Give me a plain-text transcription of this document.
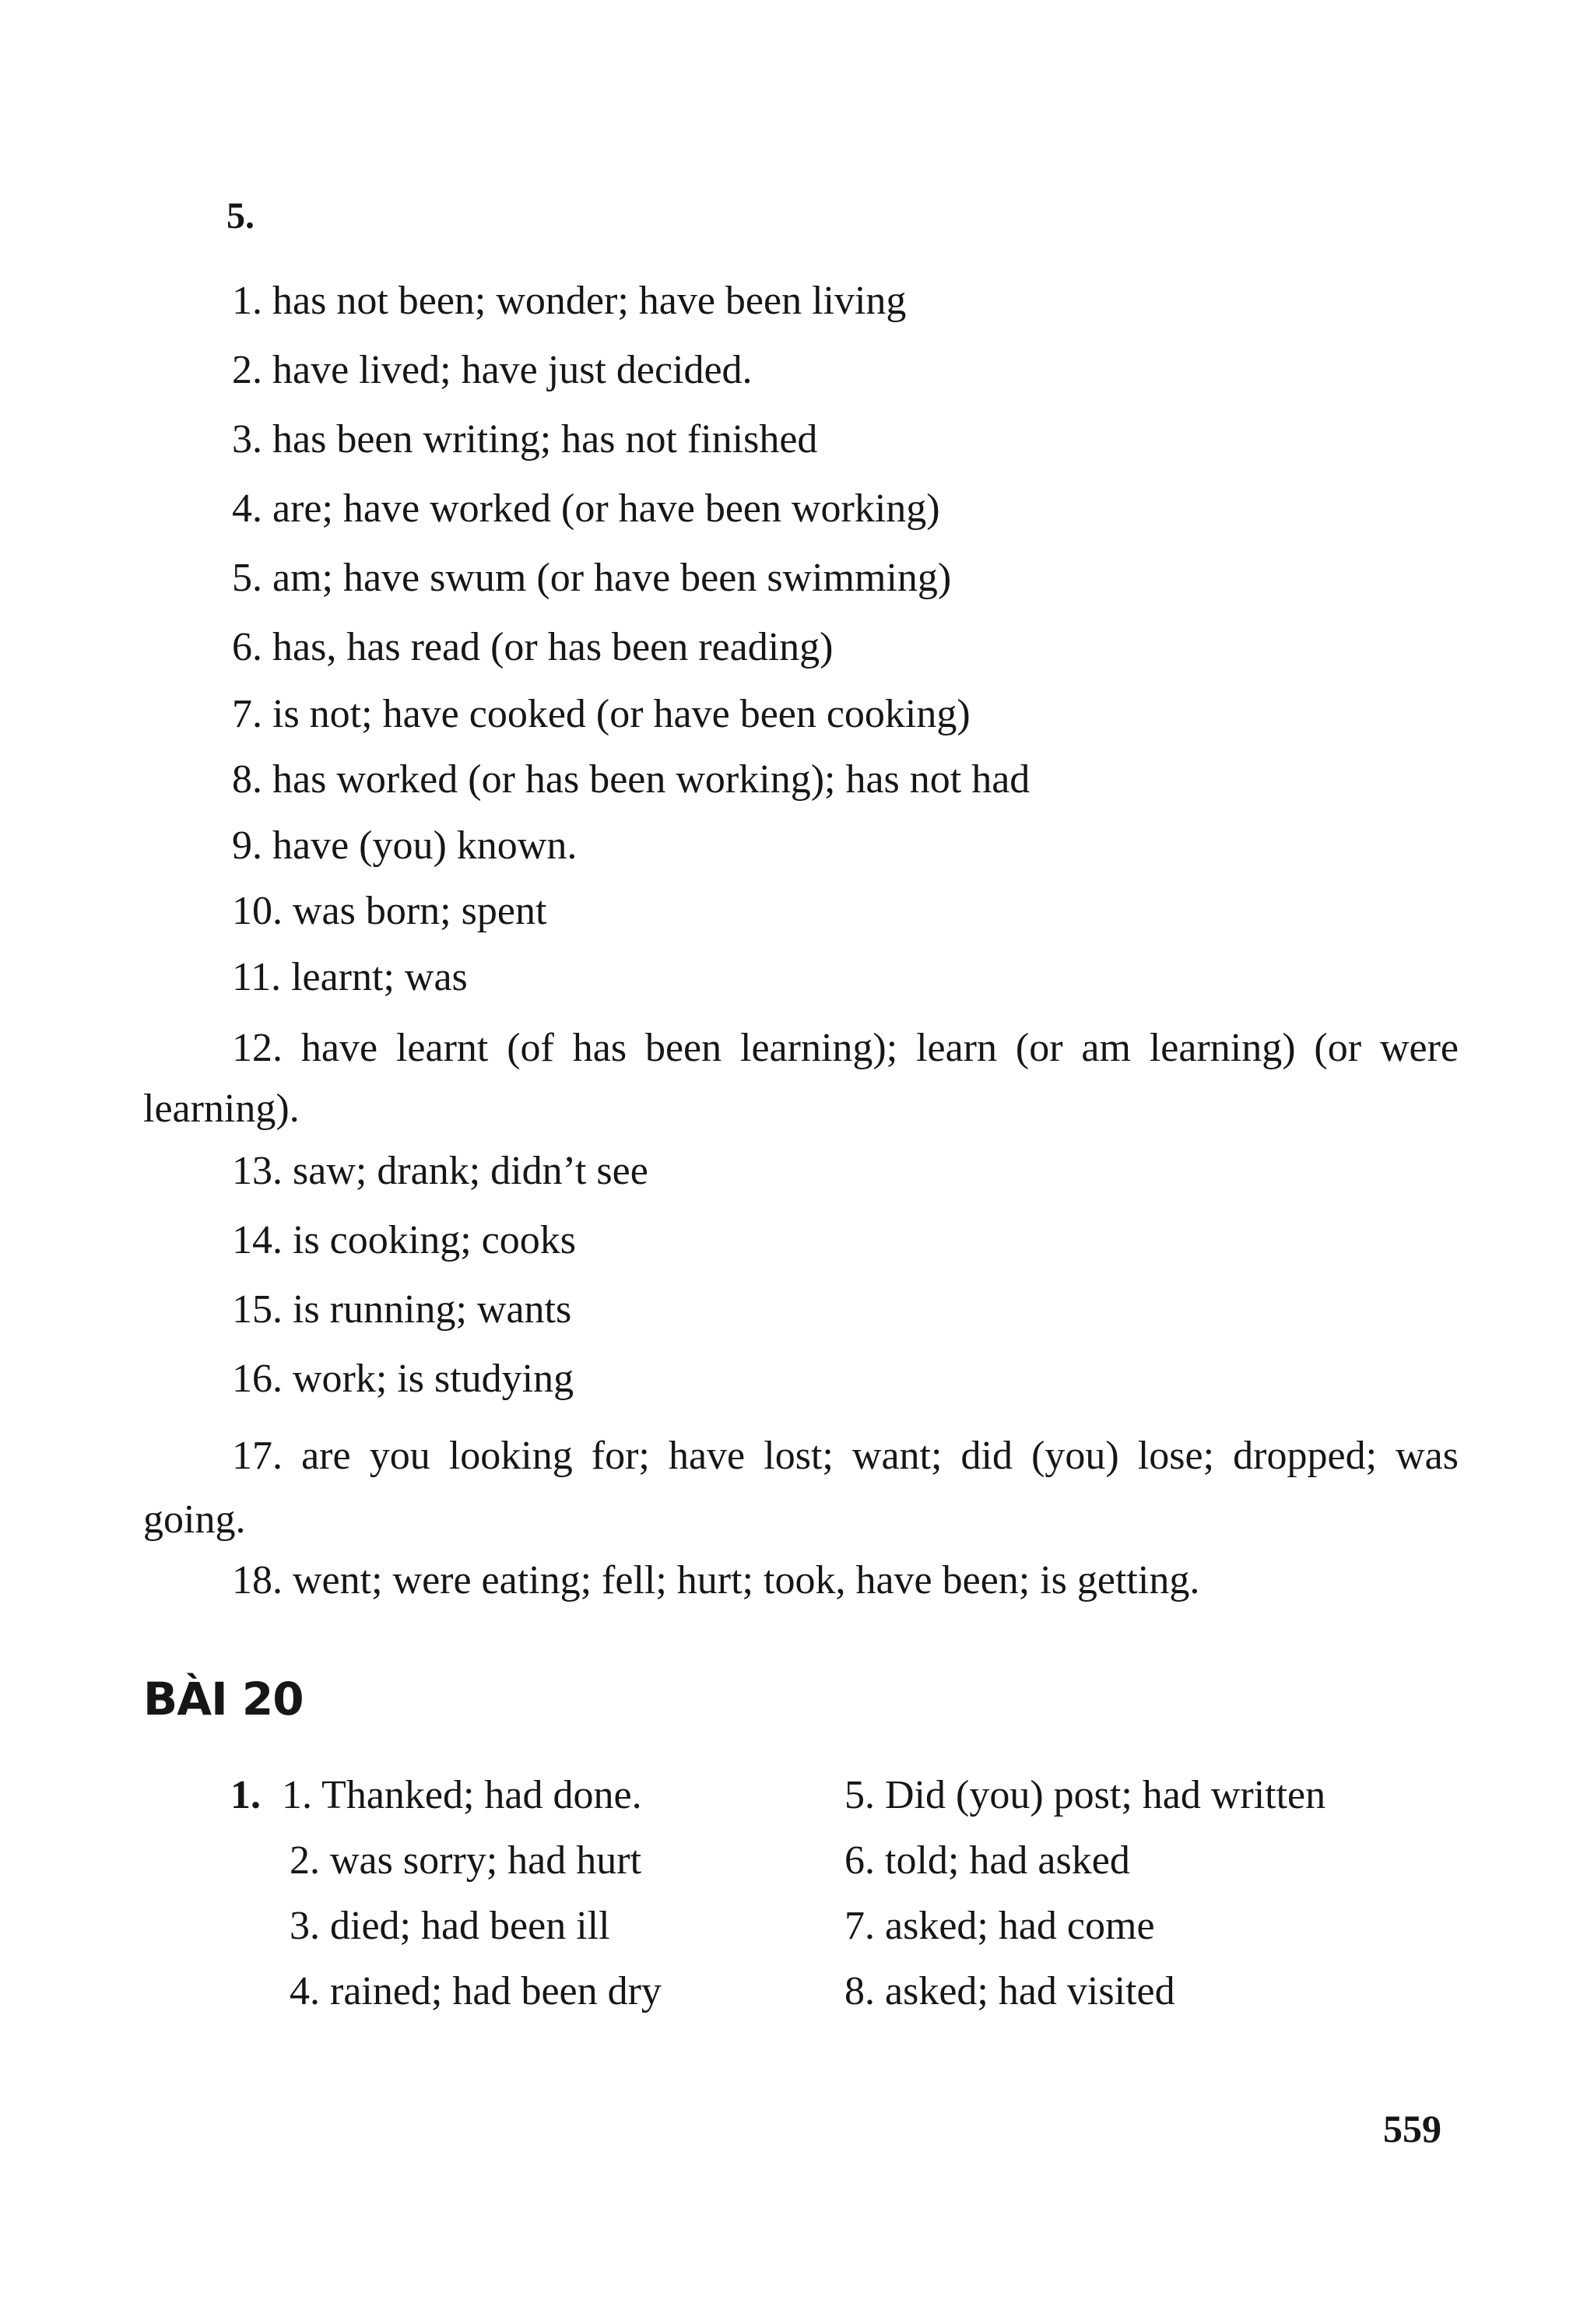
5.
1. has not been; wonder; have been living
2. have lived; have just decided.
3. has been writing; has not finished
4. are; have worked (or have been working)
5. am; have swum (or have been swimming)
6. has, has read (or has been reading)
7. is not; have cooked (or have been cooking)
8. has worked (or has been working); has not had
9. have (you) known.
10. was born; spent
11. learnt; was
12. have learnt (of has been learning); learn (or am learning) (or were learning).
13. saw; drank; didn’t see
14. is cooking; cooks
15. is running; wants
16. work; is studying
17. are you looking for; have lost; want; did (you) lose; dropped; was going.
18. went; were eating; fell; hurt; took, have been; is getting.
BÀI 20
1. 1. Thanked; had done.
2. was sorry; had hurt
3. died; had been ill
4. rained; had been dry
5. Did (you) post; had written
6. told; had asked
7. asked; had come
8. asked; had visited
559
